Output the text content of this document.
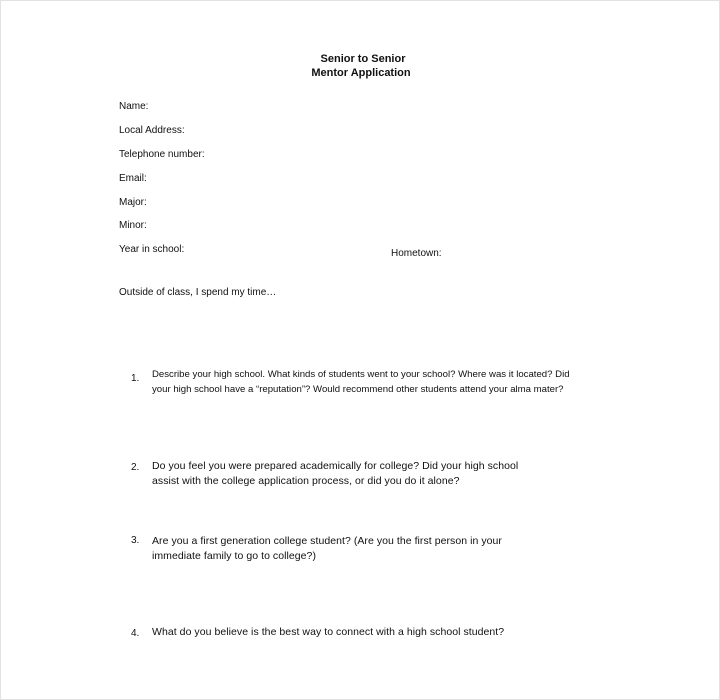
Senior to Senior
Mentor Application
Name:
Local Address:
Telephone number:
Email:
Major:
Minor:
Year in school:	Hometown:
Outside of class, I spend my time…
1.	Describe your high school. What kinds of students went to your school? Where was it located? Did
your high school have a “reputation”? Would recommend other students attend your alma mater?
2.	Do you feel you were prepared academically for college? Did your high school
assist with the college application process, or did you do it alone?
3.	Are you a first generation college student? (Are you the first person in your
immediate family to go to college?)
4.	What do you believe is the best way to connect with a high school student?
